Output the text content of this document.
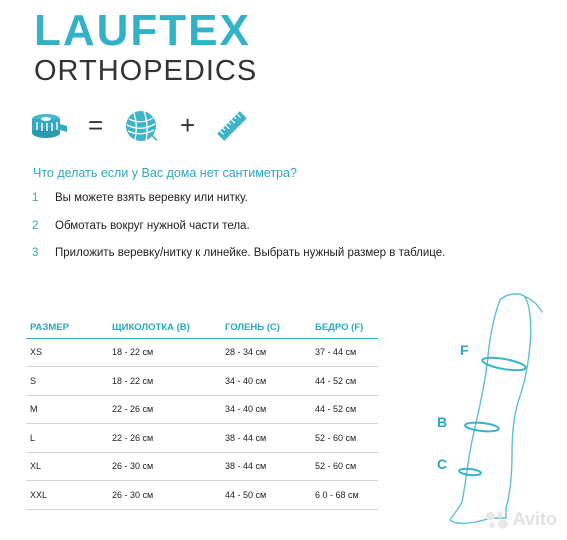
LAUFTEX
ORTHOPEDICS
=	+
Что делать если у Вас дома нет сантиметра?
1	Вы можете взять веревку или нитку.
2	Обмотать вокруг нужной части тела.
3	Приложить веревку/нитку к линейке. Выбрать нужный размер в таблице.
РАЗМЕР	ЩИКОЛОТКА (B)	ГОЛЕНЬ (C)	БЕДРО (F)
XS	18 - 22 см	28 - 34 см	37 - 44 см
S	18 - 22 см	34 - 40 см	44 - 52 см
M	22 - 26 см	34 - 40 см	44 - 52 см
L	22 - 26 см	38 - 44 см	52 - 60 см
XL	26 - 30 см	38 - 44 см	52 - 60 см
XXL	26 - 30 см	44 - 50 см	6 0 - 68 см
F
B
C
Avito
